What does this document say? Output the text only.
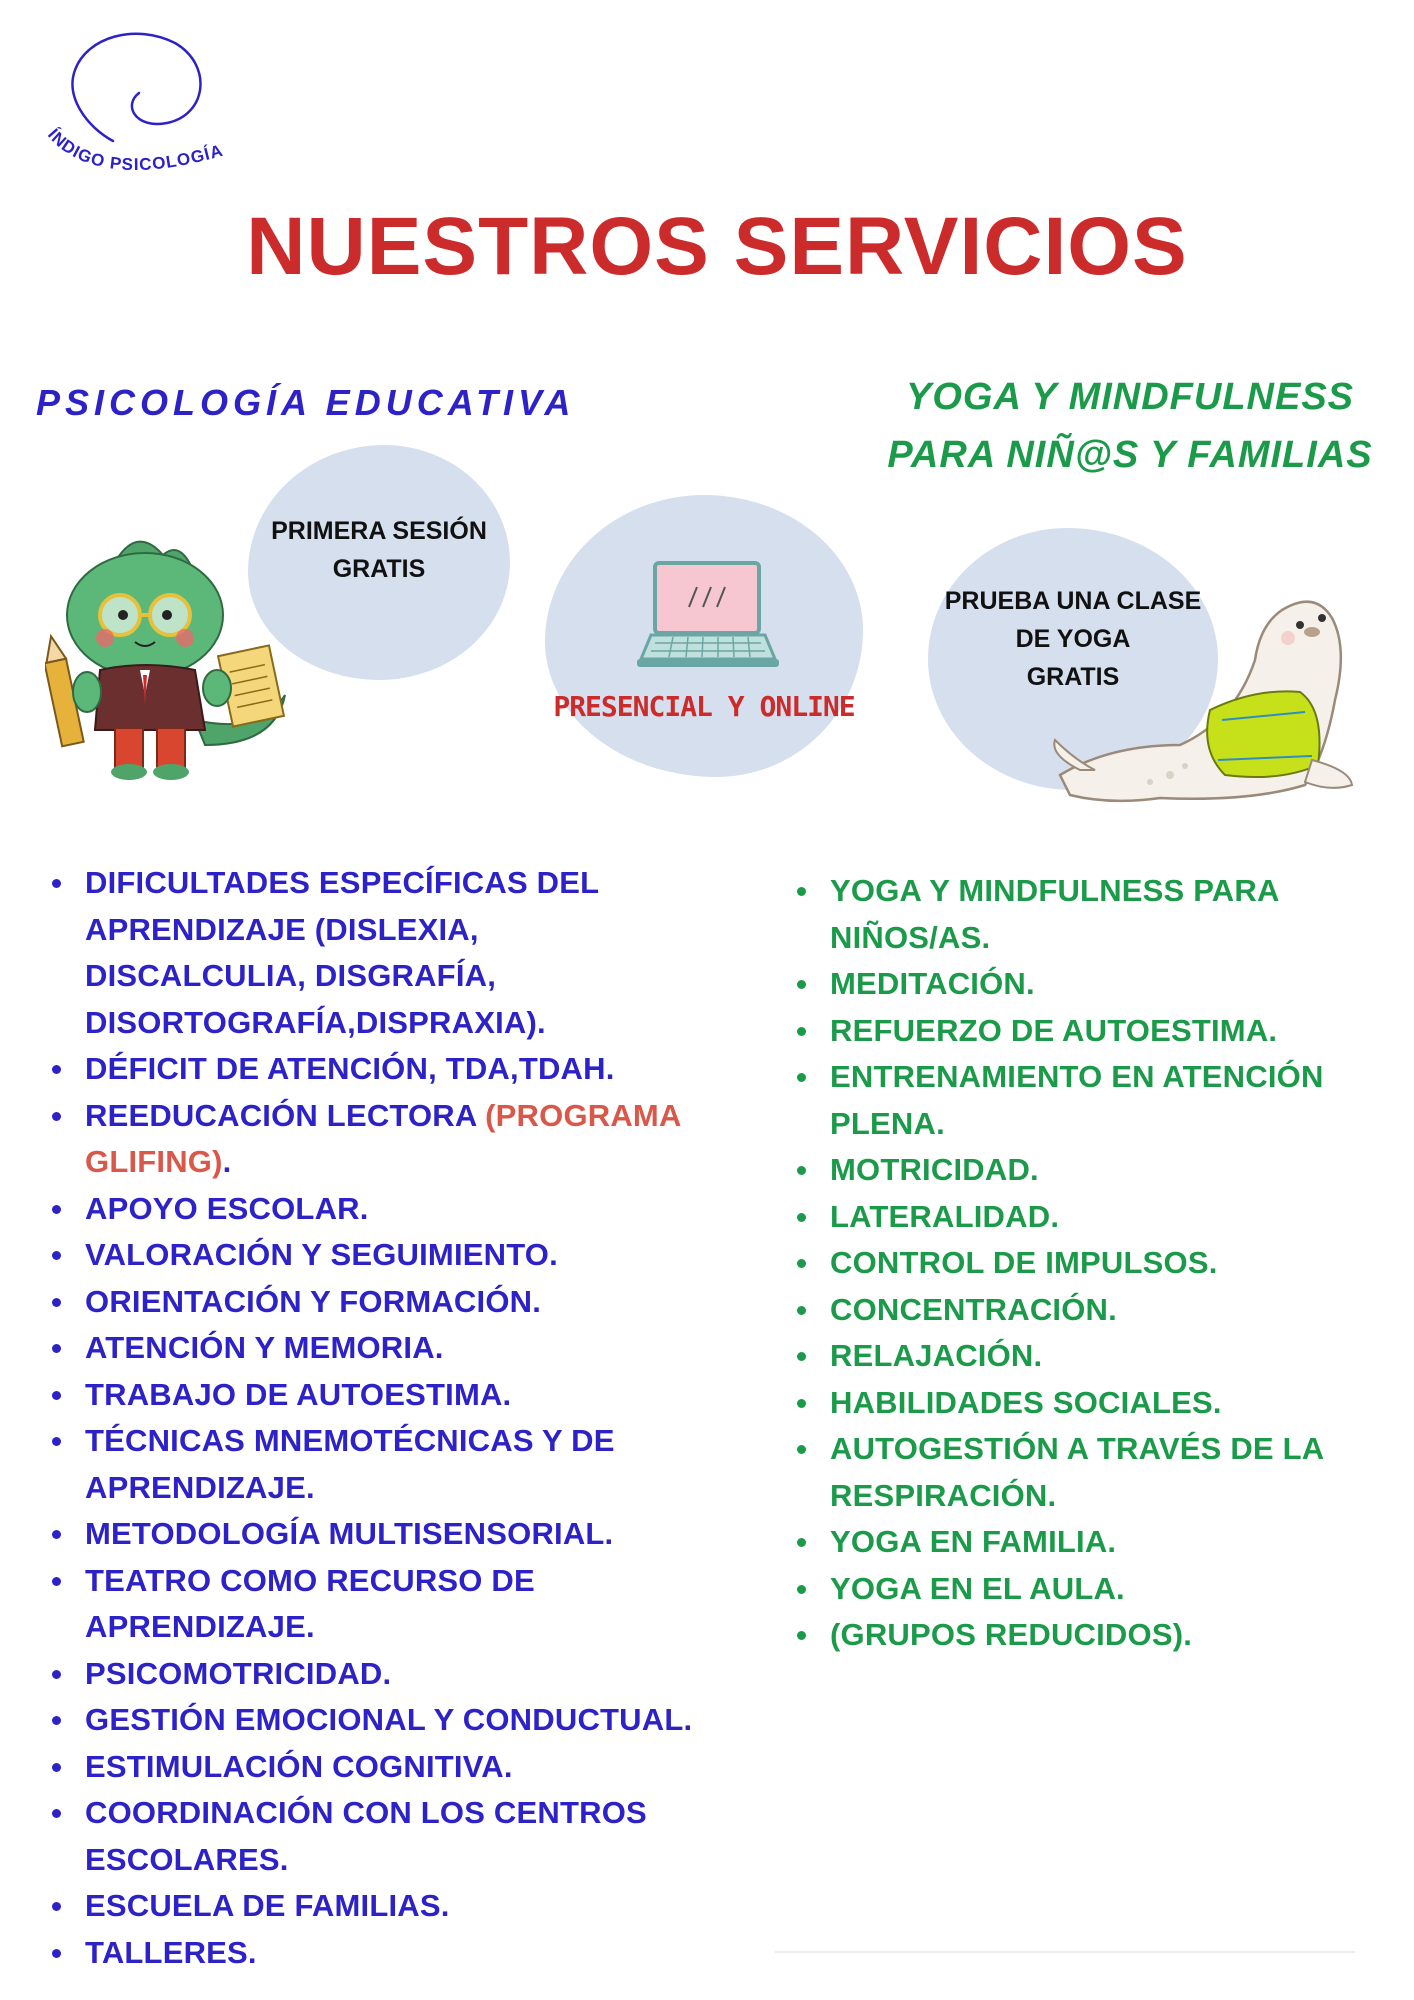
ÍNDIGO PSICOLOGÍA
NUESTROS SERVICIOS
PSICOLOGÍA EDUCATIVA	YOGA Y MINDFULNESS
PARA NIÑ@S Y FAMILIAS
PRIMERA SESIÓN
GRATIS
PRUEBA UNA CLASE
DE YOGA
GRATIS
PRESENCIAL Y ONLINE
DIFICULTADES ESPECÍFICAS DEL
APRENDIZAJE (DISLEXIA,
DISCALCULIA, DISGRAFÍA,
DISORTOGRAFÍA,DISPRAXIA).
DÉFICIT DE ATENCIÓN, TDA,TDAH.
REEDUCACIÓN LECTORA (PROGRAMA
GLIFING).
APOYO ESCOLAR.
VALORACIÓN Y SEGUIMIENTO.
ORIENTACIÓN Y FORMACIÓN.
ATENCIÓN Y MEMORIA.
TRABAJO DE AUTOESTIMA.
TÉCNICAS MNEMOTÉCNICAS Y DE
APRENDIZAJE.
METODOLOGÍA MULTISENSORIAL.
TEATRO COMO RECURSO DE
APRENDIZAJE.
PSICOMOTRICIDAD.
GESTIÓN EMOCIONAL Y CONDUCTUAL.
ESTIMULACIÓN COGNITIVA.
COORDINACIÓN CON LOS CENTROS
ESCOLARES.
ESCUELA DE FAMILIAS.
TALLERES.
YOGA Y MINDFULNESS PARA
NIÑOS/AS.
MEDITACIÓN.
REFUERZO DE AUTOESTIMA.
ENTRENAMIENTO EN ATENCIÓN
PLENA.
MOTRICIDAD.
LATERALIDAD.
CONTROL DE IMPULSOS.
CONCENTRACIÓN.
RELAJACIÓN.
HABILIDADES SOCIALES.
AUTOGESTIÓN A TRAVÉS DE LA
RESPIRACIÓN.
YOGA EN FAMILIA.
YOGA EN EL AULA.
(GRUPOS REDUCIDOS).
